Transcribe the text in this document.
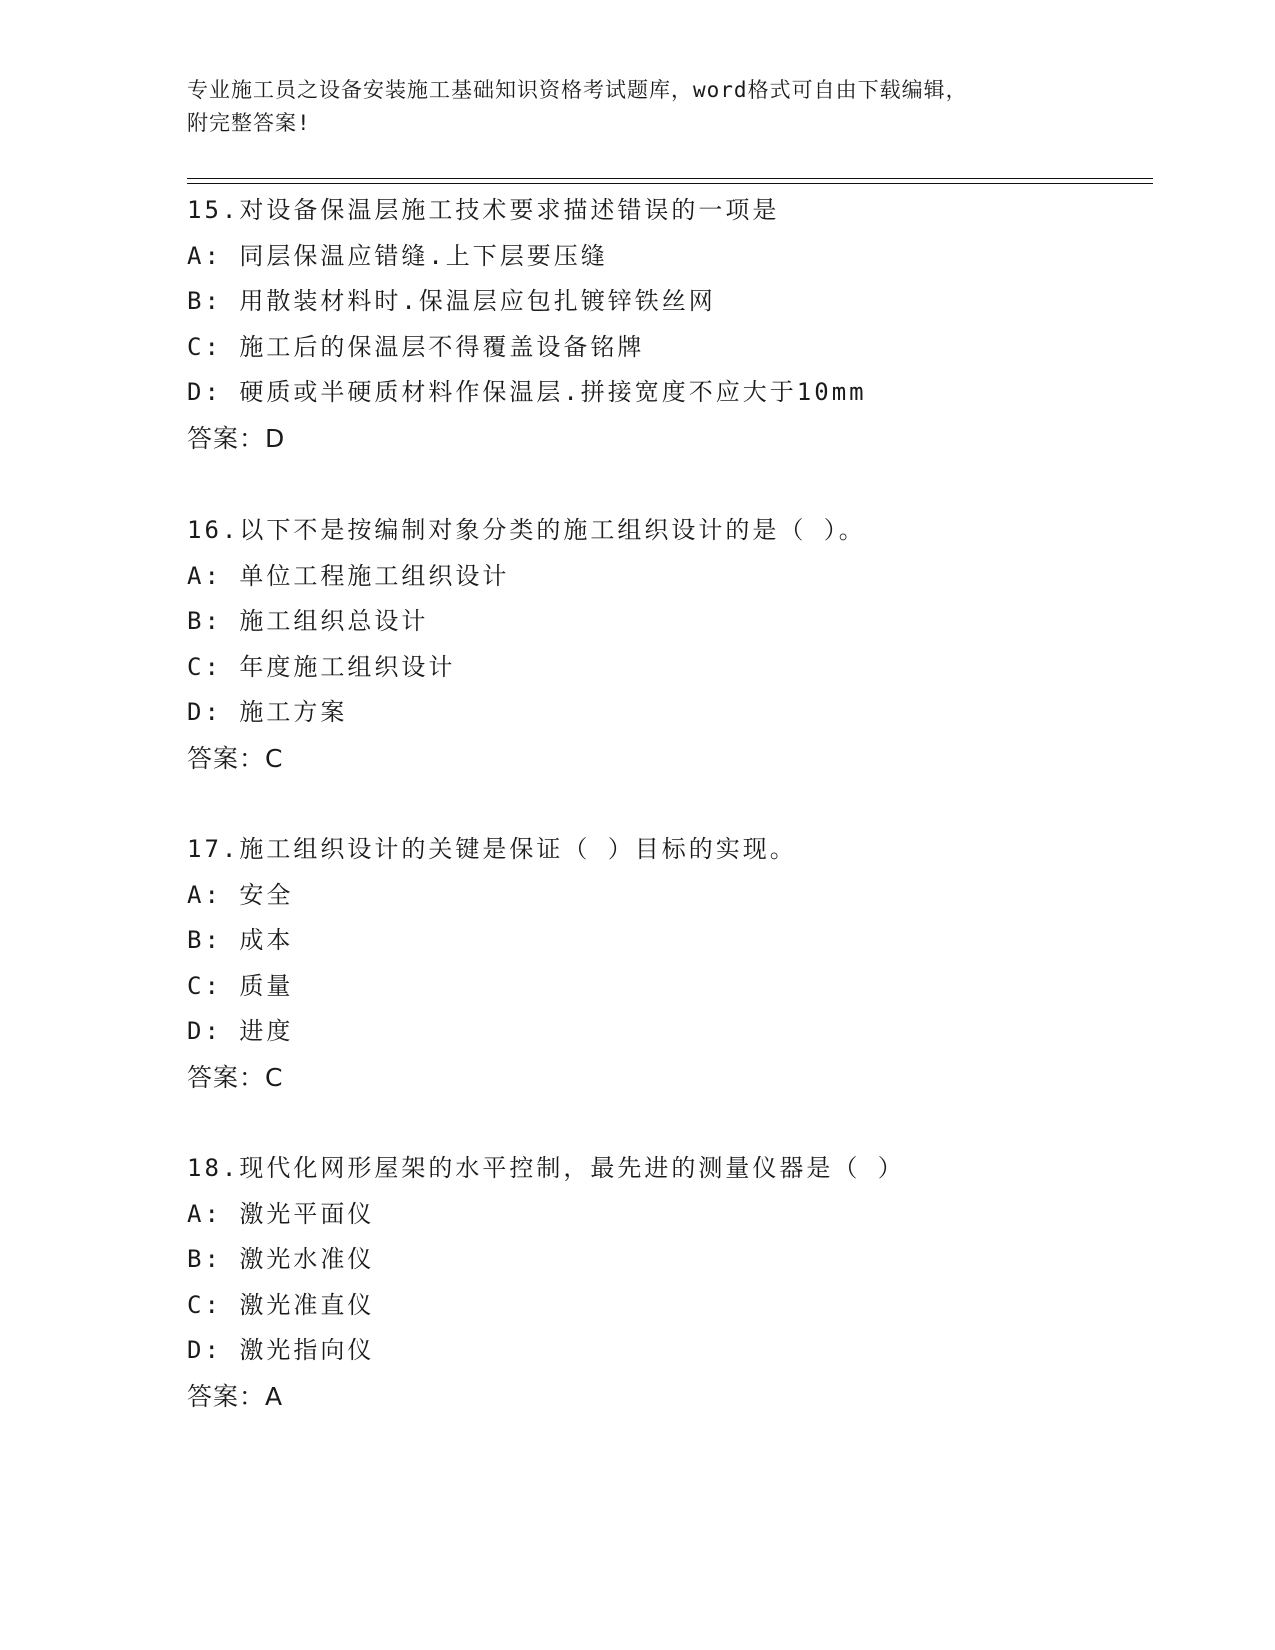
专业施工员之设备安装施工基础知识资格考试题库，word格式可自由下载编辑，
附完整答案!
15.对设备保温层施工技术要求描述错误的一项是
A: 同层保温应错缝.上下层要压缝
B: 用散装材料时.保温层应包扎镀锌铁丝网
C: 施工后的保温层不得覆盖设备铭牌
D: 硬质或半硬质材料作保温层.拼接宽度不应大于10mm
答案：D
16.以下不是按编制对象分类的施工组织设计的是（ ）。
A: 单位工程施工组织设计
B: 施工组织总设计
C: 年度施工组织设计
D: 施工方案
答案：C
17.施工组织设计的关键是保证（ ）目标的实现。
A: 安全
B: 成本
C: 质量
D: 进度
答案：C
18.现代化网形屋架的水平控制，最先进的测量仪器是（ ）
A: 激光平面仪
B: 激光水准仪
C: 激光准直仪
D: 激光指向仪
答案：A
